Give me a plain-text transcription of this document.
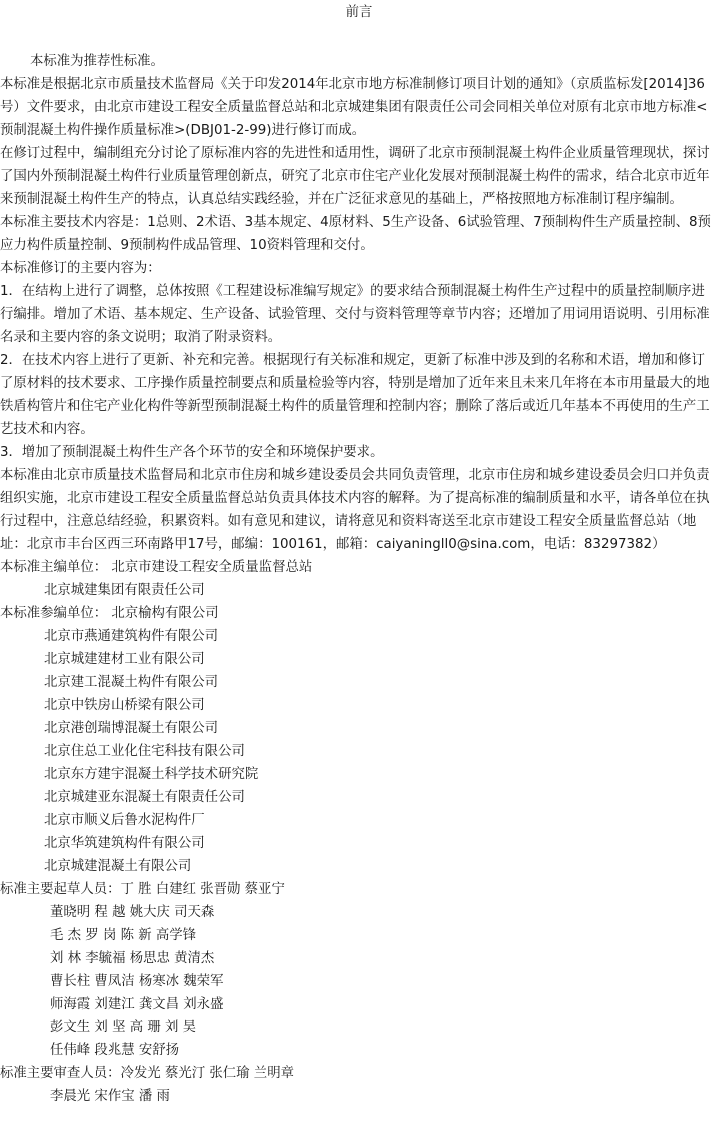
前言

本标准为推荐性标准。

本标准是根据北京市质量技术监督局《关于印发2014年北京市地方标准制修订项目计划的通知》（京质监标发[2014]36号）文件要求，由北京市建设工程安全质量监督总站和北京城建集团有限责任公司会同相关单位对原有北京市地方标准<预制混凝土构件操作质量标准>(DBJ01-2-99)进行修订而成。

在修订过程中，编制组充分讨论了原标准内容的先进性和适用性，调研了北京市预制混凝土构件企业质量管理现状，探讨了国内外预制混凝土构件行业质量管理创新点，研究了北京市住宅产业化发展对预制混凝土构件的需求，结合北京市近年来预制混凝土构件生产的特点，认真总结实践经验，并在广泛征求意见的基础上，严格按照地方标准制订程序编制。

本标准主要技术内容是：1总则、2术语、3基本规定、4原材料、5生产设备、6试验管理、7预制构件生产质量控制、8预应力构件质量控制、9预制构件成品管理、10资料管理和交付。

本标准修订的主要内容为：

1．在结构上进行了调整，总体按照《工程建设标准编写规定》的要求结合预制混凝土构件生产过程中的质量控制顺序进行编排。增加了术语、基本规定、生产设备、试验管理、交付与资料管理等章节内容；还增加了用词用语说明、引用标准名录和主要内容的条文说明；取消了附录资料。

2．在技术内容上进行了更新、补充和完善。根据现行有关标准和规定，更新了标准中涉及到的名称和术语，增加和修订了原材料的技术要求、工序操作质量控制要点和质量检验等内容，特别是增加了近年来且未来几年将在本市用量最大的地铁盾构管片和住宅产业化构件等新型预制混凝土构件的质量管理和控制内容；删除了落后或近几年基本不再使用的生产工艺技术和内容。

3．增加了预制混凝土构件生产各个环节的安全和环境保护要求。

本标准由北京市质量技术监督局和北京市住房和城乡建设委员会共同负责管理，北京市住房和城乡建设委员会归口并负责组织实施，北京市建设工程安全质量监督总站负责具体技术内容的解释。为了提高标准的编制质量和水平，请各单位在执行过程中，注意总结经验，积累资料。如有意见和建议，请将意见和资料寄送至北京市建设工程安全质量监督总站（地址：北京市丰台区西三环南路甲17号，邮编：100161，邮箱：caiyaningll0@sina.com，电话：83297382）

本标准主编单位： 北京市建设工程安全质量监督总站

北京城建集团有限责任公司

本标准参编单位： 北京榆构有限公司

北京市燕通建筑构件有限公司

北京城建建材工业有限公司

北京建工混凝土构件有限公司

北京中铁房山桥梁有限公司

北京港创瑞博混凝土有限公司

北京住总工业化住宅科技有限公司

北京东方建宇混凝土科学技术研究院

北京城建亚东混凝土有限责任公司

北京市顺义后鲁水泥构件厂

北京华筑建筑构件有限公司

北京城建混凝土有限公司

标准主要起草人员：丁 胜 白建红 张晋勋 蔡亚宁

董晓明 程 越 姚大庆 司天森

毛 杰 罗 岗 陈 新 高学锋

刘 林 李毓福 杨思忠 黄清杰

曹长柱 曹凤洁 杨寒冰 魏荣军

师海霞 刘建江 龚文昌 刘永盛

彭文生 刘 坚 高 珊 刘 昊

任伟峰 段兆慧 安舒扬

标准主要审查人员：冷发光 蔡光汀 张仁瑜 兰明章

李晨光 宋作宝 潘 雨
